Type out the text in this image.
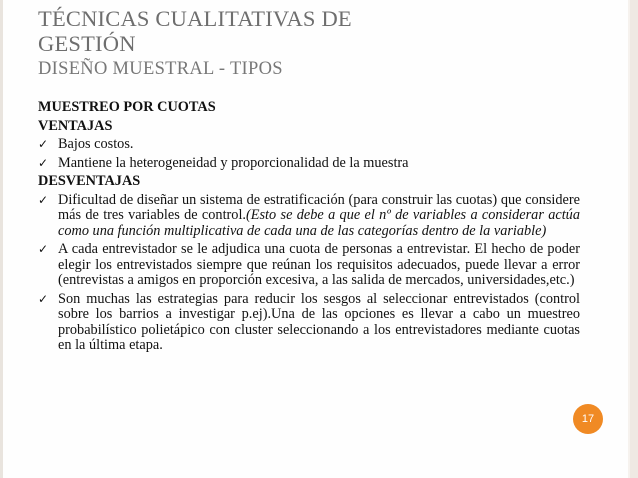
TÉCNICAS CUALITATIVAS DE
GESTIÓN
DISEÑO MUESTRAL - TIPOS

MUESTREO POR CUOTAS

VENTAJAS

✓ Bajos costos.

✓ Mantiene la heterogeneidad y proporcionalidad de la muestra

DESVENTAJAS

✓ Dificultad de diseñar un sistema de estratificación (para construir las cuotas) que considere más de tres variables de control.(Esto se debe a que el nº de variables a considerar actúa como una función multiplicativa de cada una de las categorías dentro de la variable)

✓ A cada entrevistador se le adjudica una cuota de personas a entrevistar. El hecho de poder elegir los entrevistados siempre que reúnan los requisitos adecuados, puede llevar a error (entrevistas a amigos en proporción excesiva, a las salida de mercados, universidades,etc.)

✓ Son muchas las estrategias para reducir los sesgos al seleccionar entrevistados (control sobre los barrios a investigar p.ej).Una de las opciones es llevar a cabo un muestreo probabilístico polietápico con cluster seleccionando a los entrevistadores mediante cuotas en la última etapa.

17
